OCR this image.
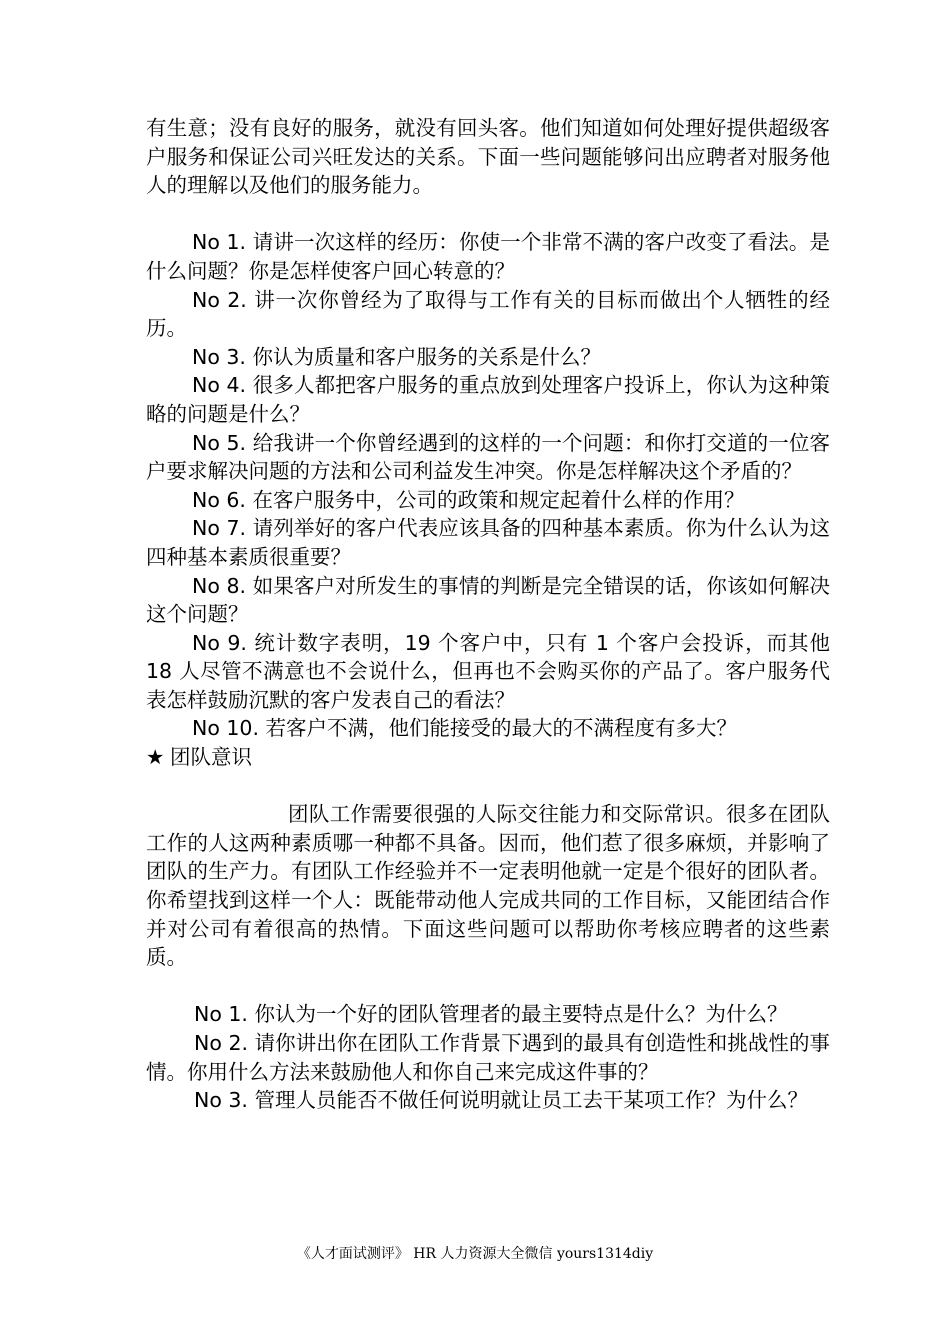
有生意；没有良好的服务，就没有回头客。他们知道如何处理好提供超级客户服务和保证公司兴旺发达的关系。下面一些问题能够问出应聘者对服务他人的理解以及他们的服务能力。

No 1. 请讲一次这样的经历：你使一个非常不满的客户改变了看法。是什么问题？你是怎样使客户回心转意的？

No 2. 讲一次你曾经为了取得与工作有关的目标而做出个人牺牲的经历。

No 3. 你认为质量和客户服务的关系是什么？

No 4. 很多人都把客户服务的重点放到处理客户投诉上，你认为这种策略的问题是什么？

No 5. 给我讲一个你曾经遇到的这样的一个问题：和你打交道的一位客户要求解决问题的方法和公司利益发生冲突。你是怎样解决这个矛盾的？

No 6. 在客户服务中，公司的政策和规定起着什么样的作用？

No 7. 请列举好的客户代表应该具备的四种基本素质。你为什么认为这四种基本素质很重要？

No 8. 如果客户对所发生的事情的判断是完全错误的话，你该如何解决这个问题？

No 9. 统计数字表明，19 个客户中，只有 1 个客户会投诉，而其他 18 人尽管不满意也不会说什么，但再也不会购买你的产品了。客户服务代表怎样鼓励沉默的客户发表自己的看法？

No 10. 若客户不满，他们能接受的最大的不满程度有多大？

★ 团队意识

团队工作需要很强的人际交往能力和交际常识。很多在团队工作的人这两种素质哪一种都不具备。因而，他们惹了很多麻烦，并影响了团队的生产力。有团队工作经验并不一定表明他就一定是个很好的团队者。你希望找到这样一个人：既能带动他人完成共同的工作目标，又能团结合作并对公司有着很高的热情。下面这些问题可以帮助你考核应聘者的这些素质。

No 1. 你认为一个好的团队管理者的最主要特点是什么？为什么？

No 2. 请你讲出你在团队工作背景下遇到的最具有创造性和挑战性的事情。你用什么方法来鼓励他人和你自己来完成这件事的？

No 3. 管理人员能否不做任何说明就让员工去干某项工作？为什么？

《人才面试测评》 HR 人力资源大全微信 yours1314diy
